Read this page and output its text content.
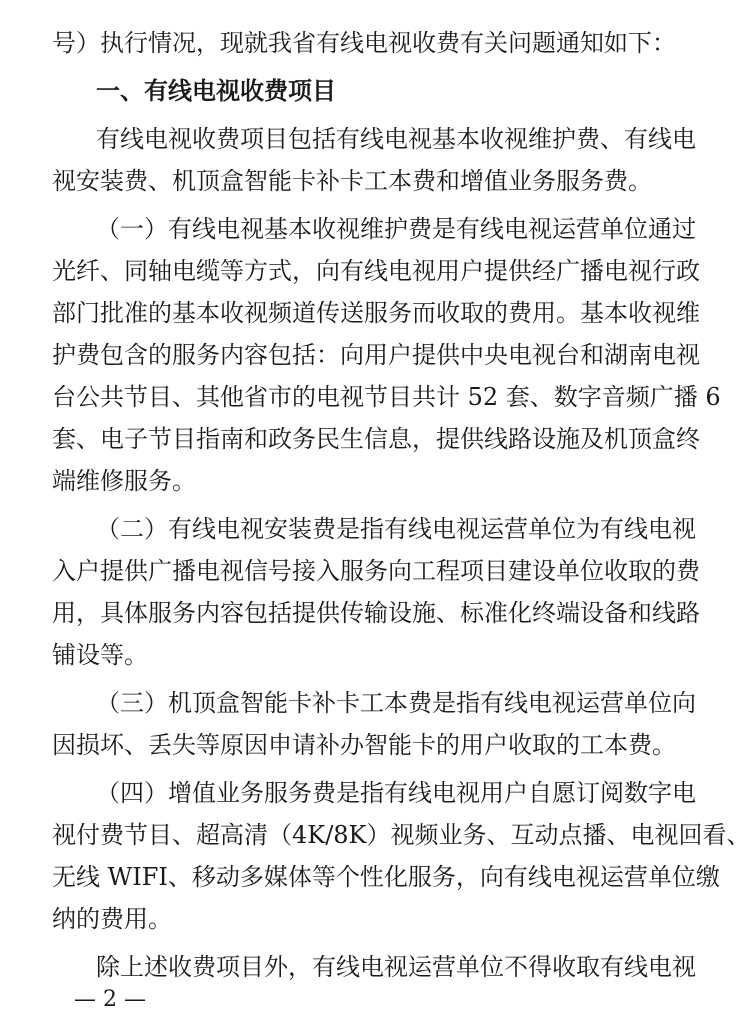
号）执行情况，现就我省有线电视收费有关问题通知如下：
一、有线电视收费项目
有线电视收费项目包括有线电视基本收视维护费、有线电
视安装费、机顶盒智能卡补卡工本费和增值业务服务费。
（一）有线电视基本收视维护费是有线电视运营单位通过
光纤、同轴电缆等方式，向有线电视用户提供经广播电视行政
部门批准的基本收视频道传送服务而收取的费用。基本收视维
护费包含的服务内容包括：向用户提供中央电视台和湖南电视
台公共节目、其他省市的电视节目共计 52 套、数字音频广播 6
套、电子节目指南和政务民生信息，提供线路设施及机顶盒终
端维修服务。
（二）有线电视安装费是指有线电视运营单位为有线电视
入户提供广播电视信号接入服务向工程项目建设单位收取的费
用，具体服务内容包括提供传输设施、标准化终端设备和线路
铺设等。
（三）机顶盒智能卡补卡工本费是指有线电视运营单位向
因损坏、丢失等原因申请补办智能卡的用户收取的工本费。
（四）增值业务服务费是指有线电视用户自愿订阅数字电
视付费节目、超高清（4K/8K）视频业务、互动点播、电视回看、
无线 WIFI、移动多媒体等个性化服务，向有线电视运营单位缴
纳的费用。
除上述收费项目外，有线电视运营单位不得收取有线电视
— 2 —
